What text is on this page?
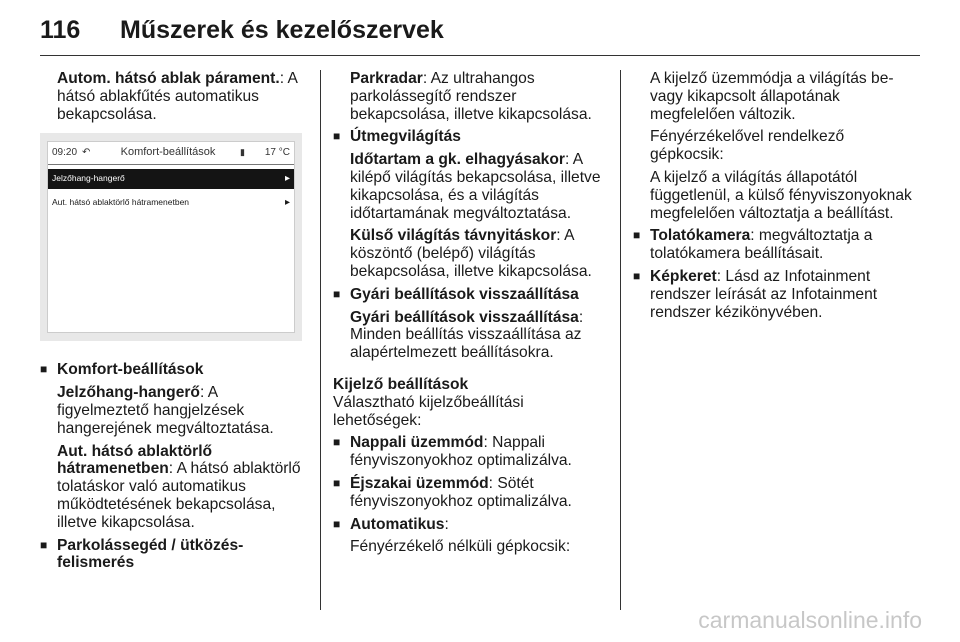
116	Műszerek és kezelőszervek

Autom. hátsó ablak párament.: A hátsó ablakfűtés automatikus bekapcsolása.

09:20 ↶	Komfort-beállítások	▮	17 °C
Jelzőhang-hangerő	▸
Aut. hátsó ablaktörlő hátramenetben	▸
■ Komfort-beállítások

Jelzőhang-hangerő: A figyelmeztető hangjelzések hangerejének megváltoztatása.

Aut. hátsó ablaktörlő hátramenetben: A hátsó ablaktörlő tolatáskor való automatikus működtetésének bekapcsolása, illetve kikapcsolása.

■ Parkolássegéd / ütközés-felismerés

Parkradar: Az ultrahangos parkolássegítő rendszer bekapcsolása, illetve kikapcsolása.

■ Útmegvilágítás

Időtartam a gk. elhagyásakor: A kilépő világítás bekapcsolása, illetve kikapcsolása, és a világítás időtartamának megváltoztatása.

Külső világítás távnyitáskor: A köszöntő (belépő) világítás bekapcsolása, illetve kikapcsolása.

■ Gyári beállítások visszaállítása

Gyári beállítások visszaállítása: Minden beállítás visszaállítása az alapértelmezett beállításokra.

Kijelző beállítások

Választható kijelzőbeállítási lehetőségek:

■ Nappali üzemmód: Nappali fényviszonyokhoz optimalizálva.
■ Éjszakai üzemmód: Sötét fényviszonyokhoz optimalizálva.
■ Automatikus:

Fényérzékelő nélküli gépkocsik:

A kijelző üzemmódja a világítás be- vagy kikapcsolt állapotának megfelelően változik.

Fényérzékelővel rendelkező gépkocsik:

A kijelző a világítás állapotától függetlenül, a külső fényviszonyoknak megfelelően változtatja a beállítást.

■ Tolatókamera: megváltoztatja a tolatókamera beállításait.
■ Képkeret: Lásd az Infotainment rendszer leírását az Infotainment rendszer kézikönyvében.
carmanualsonline.info
